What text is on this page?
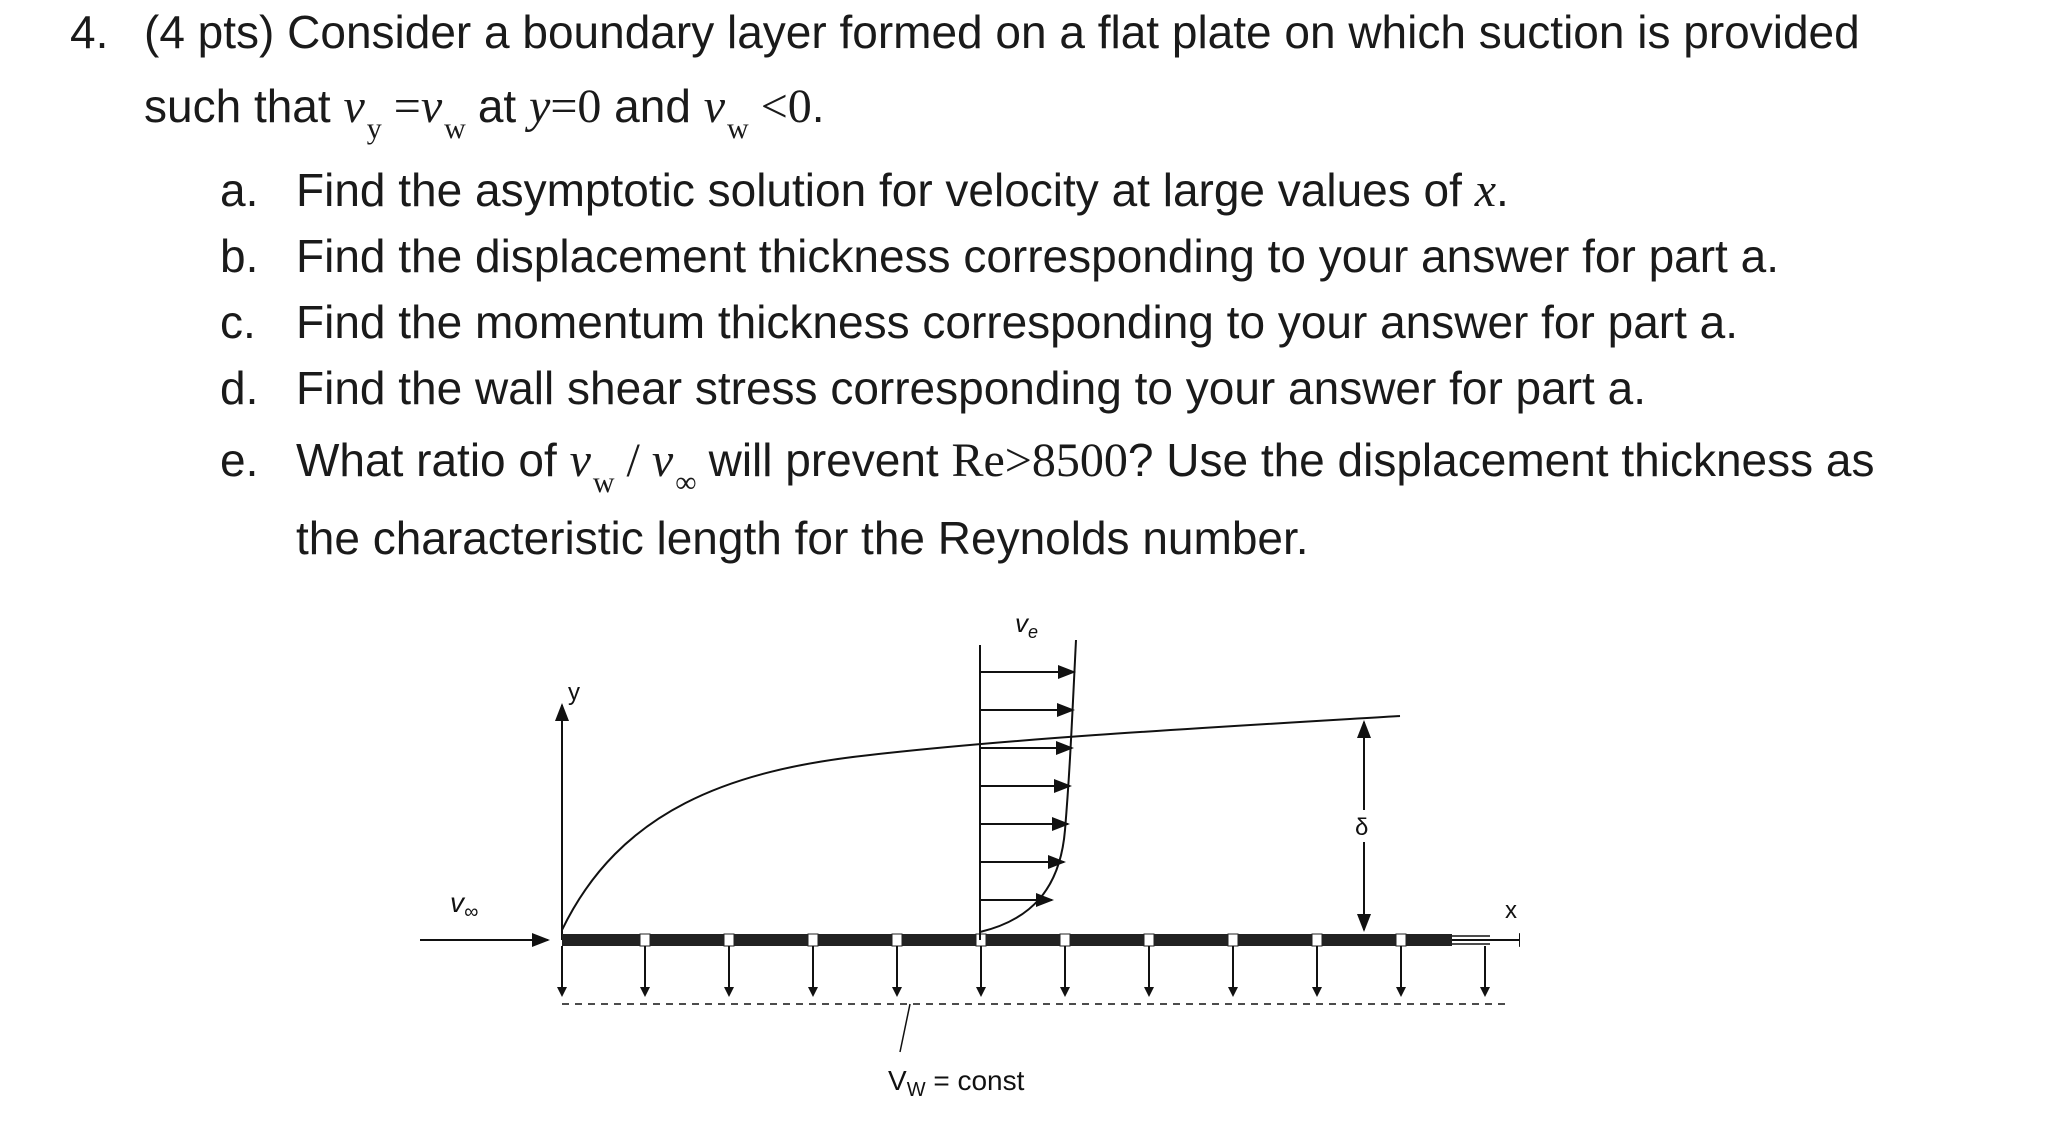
4. (4 pts) Consider a boundary layer formed on a flat plate on which suction is provided
such that $v_y =v_w$ at y=0 and $v_w <0$.
a. Find the asymptotic solution for velocity at large values of x.
b. Find the displacement thickness corresponding to your answer for part a.
c. Find the momentum thickness corresponding to your answer for part a.
d. Find the wall shear stress corresponding to your answer for part a.
e. What ratio of $v_w / v_\infty$ will prevent Re>8500? Use the displacement thickness as
the characteristic length for the Reynolds number.
y
$v_\infty$	x
$V_W$ = const
δ
$v_e$
